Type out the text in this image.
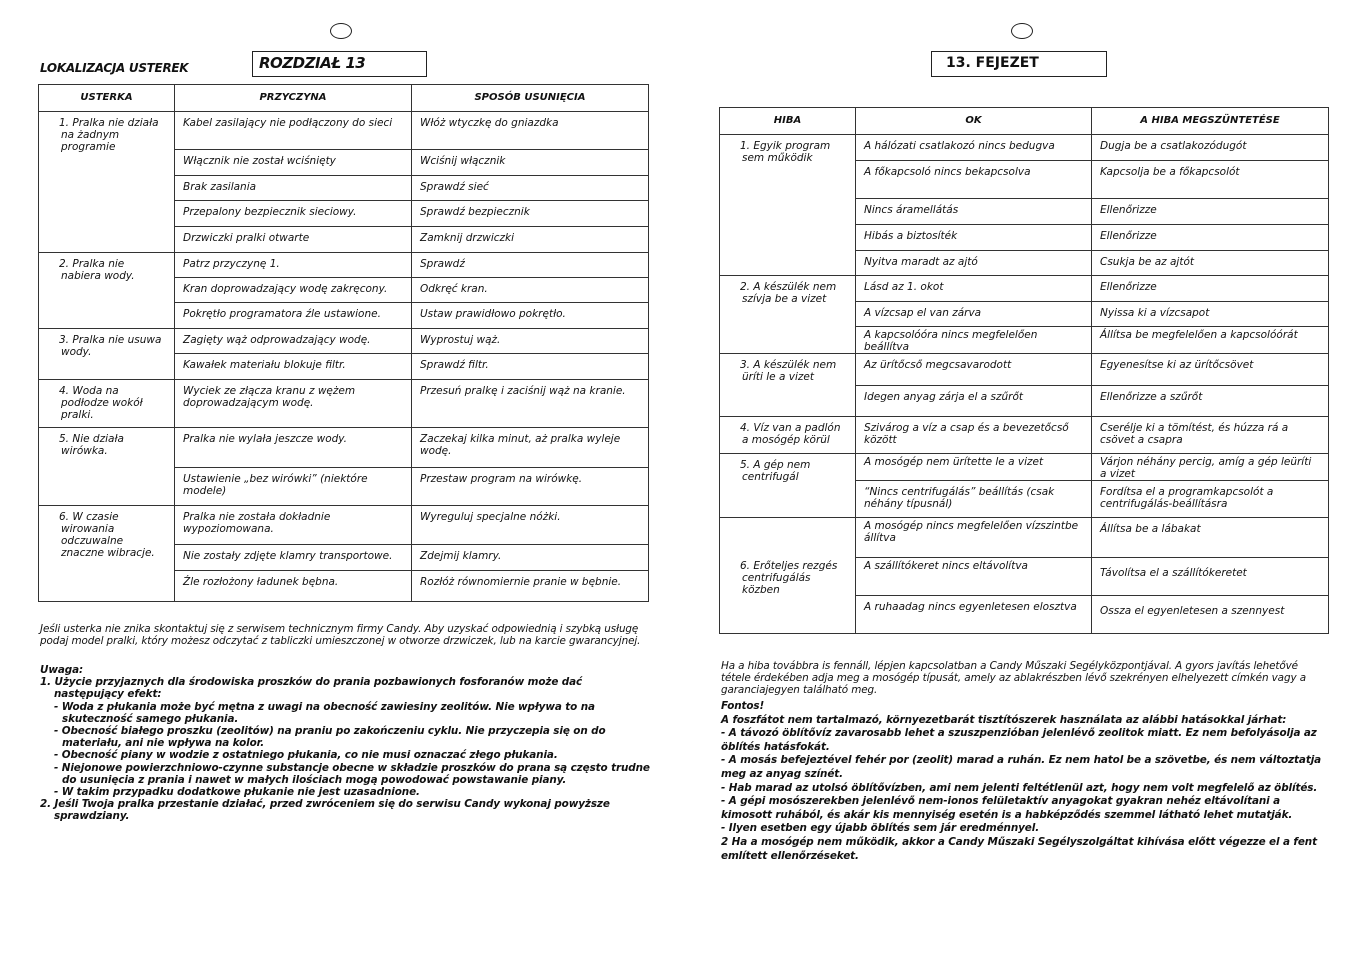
LOKALIZACJA USTEREK	ROZDZIAŁ 13
USTERKA	PRZYCZYNA	SPOSÓB USUNIĘCIA

1. Pralka nie działa na żadnym programie	Kabel zasilający nie podłączony do sieci	Włóż wtyczkę do gniazdka
	Włącznik nie został wciśnięty	Wciśnij włącznik
	Brak zasilania	Sprawdź sieć
	Przepalony bezpiecznik sieciowy.	Sprawdź bezpiecznik
	Drzwiczki pralki otwarte	Zamknij drzwiczki

2. Pralka nie nabiera wody.	Patrz przyczynę 1.	Sprawdź
	Kran doprowadzający wodę zakręcony.	Odkręć kran.
	Pokrętło programatora źle ustawione.	Ustaw prawidłowo pokrętło.

3. Pralka nie usuwa wody.	Zagięty wąż odprowadzający wodę.	Wyprostuj wąż.
	Kawałek materiału blokuje filtr.	Sprawdź filtr.

4. Woda na podłodze wokół pralki.	Wyciek ze złącza kranu z wężem doprowadzającym wodę.	Przesuń pralkę i zaciśnij wąż na kranie.

5. Nie działa wirówka.	Pralka nie wylała jeszcze wody.	Zaczekaj kilka minut, aż pralka wyleje wodę.
	Ustawienie „bez wirówki” (niektóre modele)	Przestaw program na wirówkę.

6. W czasie wirowania odczuwalne znaczne wibracje.	Pralka nie została dokładnie wypoziomowana.	Wyreguluj specjalne nóżki.
	Nie zostały zdjęte klamry transportowe.	Zdejmij klamry.
	Źle rozłożony ładunek bębna.	Rozłóż równomiernie pranie w bębnie.
Jeśli usterka nie znika skontaktuj się z serwisem technicznym firmy Candy. Aby uzyskać odpowiednią i szybką usługę podaj model pralki, który możesz odczytać z tabliczki umieszczonej w otworze drzwiczek, lub na karcie gwarancyjnej.
Uwaga:
1. Użycie przyjaznych dla środowiska proszków do prania pozbawionych fosforanów może dać następujący efekt:
- Woda z płukania może być mętna z uwagi na obecność zawiesiny zeolitów. Nie wpływa to na skuteczność samego płukania.
- Obecność białego proszku (zeolitów) na praniu po zakończeniu cyklu. Nie przyczepia się on do materiału, ani nie wpływa na kolor.
- Obecność piany w wodzie z ostatniego płukania, co nie musi oznaczać złego płukania.
- Niejonowe powierzchniowo-czynne substancje obecne w składzie proszków do prana są często trudne do usunięcia z prania i nawet w małych ilościach mogą powodować powstawanie piany.
- W takim przypadku dodatkowe płukanie nie jest uzasadnione.
2. Jeśli Twoja pralka przestanie działać, przed zwróceniem się do serwisu Candy wykonaj powyższe sprawdziany.
13. FEJEZET
HIBA	OK	A HIBA MEGSZÜNTETÉSE

1. Egyik program sem működik	A hálózati csatlakozó nincs bedugva	Dugja be a csatlakozódugót
	A főkapcsoló nincs bekapcsolva	Kapcsolja be a főkapcsolót
	Nincs áramellátás	Ellenőrizze
	Hibás a biztosíték	Ellenőrizze
	Nyitva maradt az ajtó	Csukja be az ajtót

2. A készülék nem szívja be a vizet	Lásd az 1. okot	Ellenőrizze
	A vízcsap el van zárva	Nyissa ki a vízcsapot
	A kapcsolóóra nincs megfelelően beállítva	Állítsa be megfelelően a kapcsolóórát

3. A készülék nem üríti le a vizet	Az ürítőcső megcsavarodott	Egyenesítse ki az ürítőcsövet
	Idegen anyag zárja el a szűrőt	Ellenőrizze a szűrőt

4. Víz van a padlón a mosógép körül	Szivárog a víz a csap és a bevezetőcső között	Cserélje ki a tömítést, és húzza rá a csövet a csapra

5. A gép nem centrifugál	A mosógép nem ürítette le a vizet	Várjon néhány percig, amíg a gép leüríti a vizet
	“Nincs centrifugálás” beállítás (csak néhány típusnál)	Fordítsa el a programkapcsolót a centrifugálás-beállításra

6. Erőteljes rezgés centrifugálás közben	A mosógép nincs megfelelően vízszintbe állítva	Állítsa be a lábakat
	A szállítókeret nincs eltávolítva	Távolítsa el a szállítókeretet
	A ruhaadag nincs egyenletesen elosztva	Ossza el egyenletesen a szennyest
Ha a hiba továbbra is fennáll, lépjen kapcsolatban a Candy Műszaki Segélyközpontjával. A gyors javítás lehetővé tétele érdekében adja meg a mosógép típusát, amely az ablakrészben lévő szekrényen elhelyezett címkén vagy a garanciajegyen található meg.
Fontos!
A foszfátot nem tartalmazó, környezetbarát tisztítószerek használata az alábbi hatásokkal járhat:
- A távozó öblítővíz zavarosabb lehet a szuszpenzióban jelenlévő zeolitok miatt. Ez nem befolyásolja az öblítés hatásfokát.
- A mosás befejeztével fehér por (zeolit) marad a ruhán. Ez nem hatol be a szövetbe, és nem változtatja meg az anyag színét.
- Hab marad az utolsó öblítővízben, ami nem jelenti feltétlenül azt, hogy nem volt megfelelő az öblítés.
- A gépi mosószerekben jelenlévő nem-ionos felületaktív anyagokat gyakran nehéz eltávolítani a kimosott ruhából, és akár kis mennyiség esetén is a habképződés szemmel látható lehet mutatják.
- Ilyen esetben egy újabb öblítés sem jár eredménnyel.
2 Ha a mosógép nem működik, akkor a Candy Műszaki Segélyszolgáltat kihívása előtt végezze el a fent említett ellenőrzéseket.
